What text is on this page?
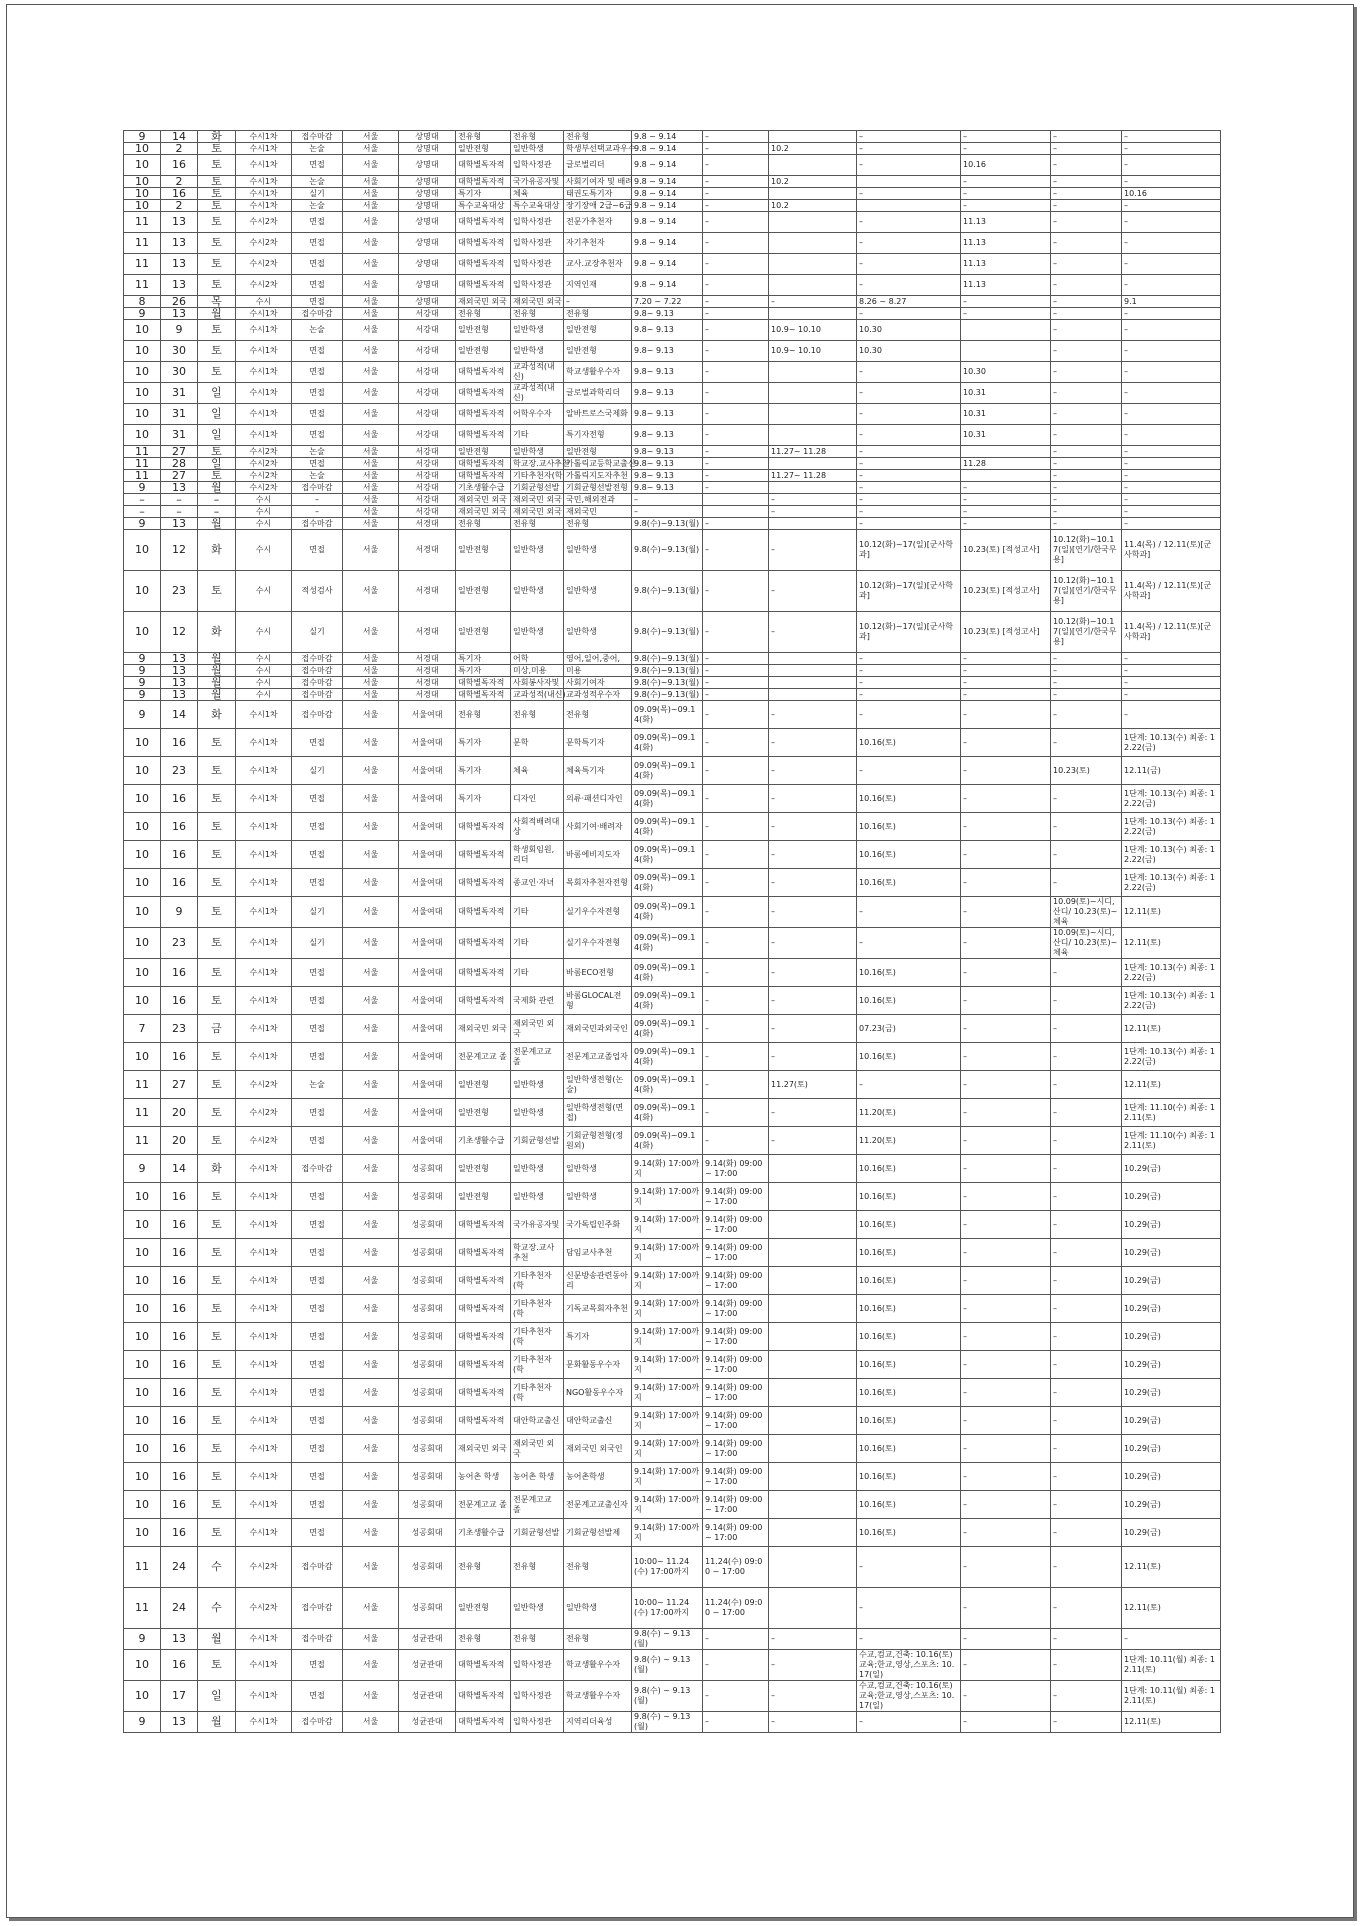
9	14	화	수시1차	접수마감	서울	상명대	전유형	전유형	전유형	9.8 ~ 9.14	–		–	–	–	–
10	2	토	수시1차	논술	서울	상명대	일반전형	일반학생	학생부선택교과우수	9.8 ~ 9.14	–	10.2	–	–	–	–
10	16	토	수시1차	면접	서울	상명대	대학별독자적	입학사정관	글로벌리더	9.8 ~ 9.14	–		–	10.16	–	–
10	2	토	수시1차	논술	서울	상명대	대학별독자적	국가유공자및	사회기여자 및 배려	9.8 ~ 9.14	–	10.2		–	–	–
10	16	토	수시1차	실기	서울	상명대	특기자	체육	태권도특기자	9.8 ~ 9.14	–		–	–	–	10.16
10	2	토	수시1차	논술	서울	상명대	특수교육대상	특수교육대상	장기장애 2급~6급	9.8 ~ 9.14	–	10.2		–	–	–
11	13	토	수시2차	면접	서울	상명대	대학별독자적	입학사정관	전문가추천자	9.8 ~ 9.14	–		–	11.13	–	–
11	13	토	수시2차	면접	서울	상명대	대학별독자적	입학사정관	자기추천자	9.8 ~ 9.14	–		–	11.13	–	–
11	13	토	수시2차	면접	서울	상명대	대학별독자적	입학사정관	교사.교장추천자	9.8 ~ 9.14	–		–	11.13	–	–
11	13	토	수시2차	면접	서울	상명대	대학별독자적	입학사정관	지역인재	9.8 ~ 9.14	–		–	11.13	–	–
8	26	목	수시	면접	서울	상명대	재외국민 외국	재외국민 외국	–	7.20 ~ 7.22	–	–	8.26 ~ 8.27	–	–	9.1
9	13	월	수시1차	접수마감	서울	서강대	전유형	전유형	전유형	9.8~ 9.13	–		–	–	–	–
10	9	토	수시1차	논술	서울	서강대	일반전형	일반학생	일반전형	9.8~ 9.13	–	10.9~ 10.10	10.30		–	–
10	30	토	수시1차	면접	서울	서강대	일반전형	일반학생	일반전형	9.8~ 9.13	–	10.9~ 10.10	10.30		–	–
10	30	토	수시1차	면접	서울	서강대	대학별독자적	교과성적(내신)	학교생활우수자	9.8~ 9.13	–		–	10.30	–	–
10	31	일	수시1차	면접	서울	서강대	대학별독자적	교과성적(내신)	글로벌과학리더	9.8~ 9.13	–		–	10.31	–	–
10	31	일	수시1차	면접	서울	서강대	대학별독자적	어학우수자	알바트로스국제화	9.8~ 9.13	–		–	10.31	–	–
10	31	일	수시1차	면접	서울	서강대	대학별독자적	기타	특기자전형	9.8~ 9.13	–		–	10.31	–	–
11	27	토	수시2차	논술	서울	서강대	일반전형	일반학생	일반전형	9.8~ 9.13	–	11.27~ 11.28	–		–	–
11	28	일	수시2차	면접	서울	서강대	대학별독자적	학교장.교사추천	가톨릭교등학교출신	9.8~ 9.13	–		–	11.28	–	–
11	27	토	수시2차	논술	서울	서강대	대학별독자적	기타추천자(학	가톨릭지도자추천	9.8~ 9.13	–	11.27~ 11.28	–		–	–
9	13	월	수시2차	접수마감	서울	서강대	기초생활수급	기회균형선발	기회균형선발전형	9.8~ 9.13	–		–	–	–	–
–	–	–	수시	–	서울	서강대	재외국민 외국	재외국민 외국	국민,해외전과	–		–	–	–	–	–
–	–	–	수시	–	서울	서강대	재외국민 외국	재외국민 외국	재외국민	–		–	–	–	–	–
9	13	월	수시	접수마감	서울	서경대	전유형	전유형	전유형	9.8(수)~9.13(월)	–		–	–	–	–
10	12	화	수시	면접	서울	서경대	일반전형	일반학생	일반학생	9.8(수)~9.13(월)	–	–	10.12(화)~17(일)[군사학과]	10.23(토) [적성고사]	10.12(화)~10.17(일)[연기/한국무용]	11.4(목) / 12.11(토)[군사학과]
10	23	토	수시	적성검사	서울	서경대	일반전형	일반학생	일반학생	9.8(수)~9.13(월)	–	–	10.12(화)~17(일)[군사학과]	10.23(토) [적성고사]	10.12(화)~10.17(일)[연기/한국무용]	11.4(목) / 12.11(토)[군사학과]
10	12	화	수시	실기	서울	서경대	일반전형	일반학생	일반학생	9.8(수)~9.13(월)	–	–	10.12(화)~17(일)[군사학과]	10.23(토) [적성고사]	10.12(화)~10.17(일)[연기/한국무용]	11.4(목) / 12.11(토)[군사학과]
9	13	월	수시	접수마감	서울	서경대	특기자	어학	영어,일어,중어,	9.8(수)~9.13(월)	–		–	–	–	–
9	13	월	수시	접수마감	서울	서경대	특기자	미상,미용	미용	9.8(수)~9.13(월)	–		–	–	–	–
9	13	월	수시	접수마감	서울	서경대	대학별독자적	사회봉사자및	사회기여자	9.8(수)~9.13(월)	–		–	–	–	–
9	13	월	수시	접수마감	서울	서경대	대학별독자적	교과성적(내신)	교과성적우수자	9.8(수)~9.13(월)	–		–	–	–	–
9	14	화	수시1차	접수마감	서울	서울여대	전유형	전유형	전유형	09.09(목)~09.14(화)	–	–	–	–	–	–
10	16	토	수시1차	면접	서울	서울여대	특기자	문학	문학특기자	09.09(목)~09.14(화)	–	–	10.16(토)	–	–	1단계: 10.13(수) 최종: 12.22(금)
10	23	토	수시1차	실기	서울	서울여대	특기자	체육	체육특기자	09.09(목)~09.14(화)	–	–	–	–	10.23(토)	12.11(금)
10	16	토	수시1차	면접	서울	서울여대	특기자	디자인	의류·패션디자인	09.09(목)~09.14(화)	–	–	10.16(토)	–	–	1단계: 10.13(수) 최종: 12.22(금)
10	16	토	수시1차	면접	서울	서울여대	대학별독자적	사회적배려대상	사회기여·배려자	09.09(목)~09.14(화)	–	–	10.16(토)	–	–	1단계: 10.13(수) 최종: 12.22(금)
10	16	토	수시1차	면접	서울	서울여대	대학별독자적	학생회임원,리더	바롬에비지도자	09.09(목)~09.14(화)	–	–	10.16(토)	–	–	1단계: 10.13(수) 최종: 12.22(금)
10	16	토	수시1차	면접	서울	서울여대	대학별독자적	종교인·자녀	목회자추천자전형	09.09(목)~09.14(화)	–	–	10.16(토)	–	–	1단계: 10.13(수) 최종: 12.22(금)
10	9	토	수시1차	실기	서울	서울여대	대학별독자적	기타	실기우수자전형	09.09(목)~09.14(화)	–	–	–	–	10.09(토)~시디,산디/ 10.23(토)~체육	12.11(토)
10	23	토	수시1차	실기	서울	서울여대	대학별독자적	기타	실기우수자전형	09.09(목)~09.14(화)	–	–	–	–	10.09(토)~시디,산디/ 10.23(토)~체육	12.11(토)
10	16	토	수시1차	면접	서울	서울여대	대학별독자적	기타	바롬ECO전형	09.09(목)~09.14(화)	–	–	10.16(토)	–	–	1단계: 10.13(수) 최종: 12.22(금)
10	16	토	수시1차	면접	서울	서울여대	대학별독자적	국제화 관련	바롬GLOCAL전형	09.09(목)~09.14(화)	–	–	10.16(토)	–	–	1단계: 10.13(수) 최종: 12.22(금)
7	23	금	수시1차	면접	서울	서울여대	재외국민 외국	재외국민 외국	재외국민과외국인	09.09(목)~09.14(화)	–	–	07.23(금)	–	–	12.11(토)
10	16	토	수시1차	면접	서울	서울여대	전문계고교 졸	전문계고교 졸	전문계고교졸업자	09.09(목)~09.14(화)	–	–	10.16(토)	–	–	1단계: 10.13(수) 최종: 12.22(금)
11	27	토	수시2차	논술	서울	서울여대	일반전형	일반학생	일반학생전형(논술)	09.09(목)~09.14(화)	–	11.27(토)	–	–	–	12.11(토)
11	20	토	수시2차	면접	서울	서울여대	일반전형	일반학생	일반학생전형(면접)	09.09(목)~09.14(화)	–	–	11.20(토)	–	–	1단계: 11.10(수) 최종: 12.11(토)
11	20	토	수시2차	면접	서울	서울여대	기초생활수급	기회균형선발	기회균형전형(정원외)	09.09(목)~09.14(화)	–	–	11.20(토)	–	–	1단계: 11.10(수) 최종: 12.11(토)
9	14	화	수시1차	접수마감	서울	성공회대	일반전형	일반학생	일반학생	9.14(화) 17:00까지	9.14(화) 09:00 ~ 17:00		10.16(토)	–	–	10.29(금)
10	16	토	수시1차	면접	서울	성공회대	일반전형	일반학생	일반학생	9.14(화) 17:00까지	9.14(화) 09:00 ~ 17:00		10.16(토)	–	–	10.29(금)
10	16	토	수시1차	면접	서울	성공회대	대학별독자적	국가유공자및	국가독립인주화	9.14(화) 17:00까지	9.14(화) 09:00 ~ 17:00		10.16(토)	–	–	10.29(금)
10	16	토	수시1차	면접	서울	성공회대	대학별독자적	학교장.교사추천	담임교사추천	9.14(화) 17:00까지	9.14(화) 09:00 ~ 17:00		10.16(토)	–	–	10.29(금)
10	16	토	수시1차	면접	서울	성공회대	대학별독자적	기타추천자(학	신문방송관련동아리	9.14(화) 17:00까지	9.14(화) 09:00 ~ 17:00		10.16(토)	–	–	10.29(금)
10	16	토	수시1차	면접	서울	성공회대	대학별독자적	기타추천자(학	기독교목회자추천	9.14(화) 17:00까지	9.14(화) 09:00 ~ 17:00		10.16(토)	–	–	10.29(금)
10	16	토	수시1차	면접	서울	성공회대	대학별독자적	기타추천자(학	특기자	9.14(화) 17:00까지	9.14(화) 09:00 ~ 17:00		10.16(토)	–	–	10.29(금)
10	16	토	수시1차	면접	서울	성공회대	대학별독자적	기타추천자(학	문화활동우수자	9.14(화) 17:00까지	9.14(화) 09:00 ~ 17:00		10.16(토)	–	–	10.29(금)
10	16	토	수시1차	면접	서울	성공회대	대학별독자적	기타추천자(학	NGO활동우수자	9.14(화) 17:00까지	9.14(화) 09:00 ~ 17:00		10.16(토)	–	–	10.29(금)
10	16	토	수시1차	면접	서울	성공회대	대학별독자적	대안학교출신	대안학교출신	9.14(화) 17:00까지	9.14(화) 09:00 ~ 17:00		10.16(토)	–	–	10.29(금)
10	16	토	수시1차	면접	서울	성공회대	재외국민 외국	재외국민 외국	재외국민 외국인	9.14(화) 17:00까지	9.14(화) 09:00 ~ 17:00		10.16(토)	–	–	10.29(금)
10	16	토	수시1차	면접	서울	성공회대	농어촌 학생	농어촌 학생	농어촌학생	9.14(화) 17:00까지	9.14(화) 09:00 ~ 17:00		10.16(토)	–	–	10.29(금)
10	16	토	수시1차	면접	서울	성공회대	전문계고교 졸	전문계고교 졸	전문계고교출신자	9.14(화) 17:00까지	9.14(화) 09:00 ~ 17:00		10.16(토)	–	–	10.29(금)
10	16	토	수시1차	면접	서울	성공회대	기초생활수급	기회균형선발	기회균형선발제	9.14(화) 17:00까지	9.14(화) 09:00 ~ 17:00		10.16(토)	–	–	10.29(금)
11	24	수	수시2차	접수마감	서울	성공회대	전유형	전유형	전유형	10:00~ 11.24(수) 17:00까지	11.24(수) 09:00 ~ 17:00		–	–	–	12.11(토)
11	24	수	수시2차	접수마감	서울	성공회대	일반전형	일반학생	일반학생	10:00~ 11.24(수) 17:00까지	11.24(수) 09:00 ~ 17:00		–	–	–	12.11(토)
9	13	월	수시1차	접수마감	서울	성균관대	전유형	전유형	전유형	9.8(수) ~ 9.13(월)	–	–	–	–	–	–
10	16	토	수시1차	면접	서울	성균관대	대학별독자적	입학사정관	학교생활우수자	9.8(수) ~ 9.13(월)	–	–	수교,컴교,건축: 10.16(토)교육;한교,영상,스포츠: 10.17(일)	–	–	1단계: 10.11(월) 최종: 12.11(토)
10	17	일	수시1차	면접	서울	성균관대	대학별독자적	입학사정관	학교생활우수자	9.8(수) ~ 9.13(월)	–	–	수교,컴교,건축: 10.16(토)교육;한교,영상,스포츠: 10.17(일)	–	–	1단계: 10.11(월) 최종: 12.11(토)
9	13	월	수시1차	접수마감	서울	성균관대	대학별독자적	입학사정관	지역리더육성	9.8(수) ~ 9.13(월)	–	–	–	–	–	12.11(토)
